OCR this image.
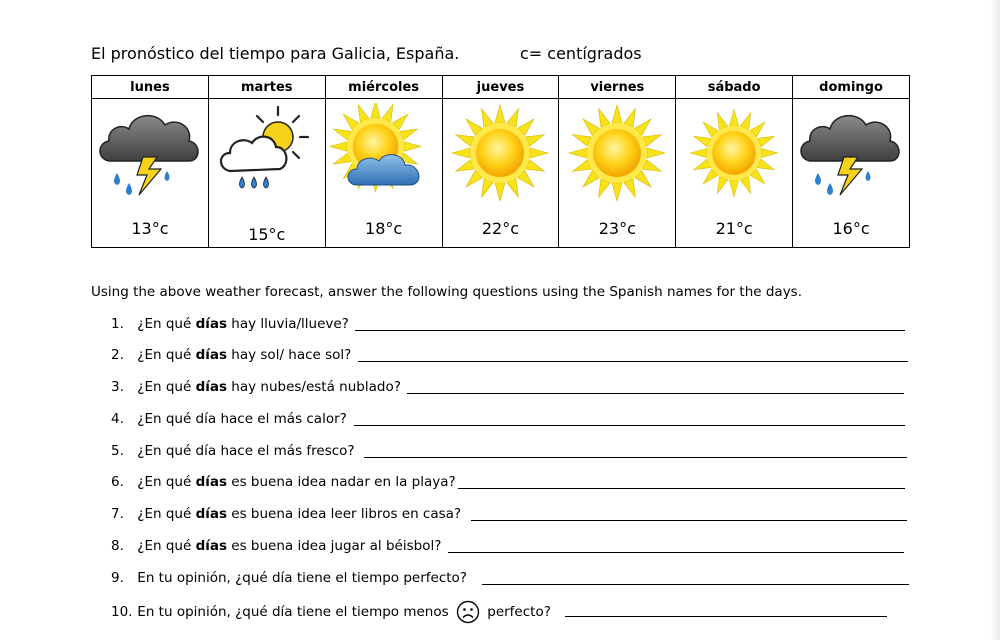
El pronóstico del tiempo para Galicia, España.	c= centígrados
lunes	martes	miércoles	jueves	viernes	sábado	domingo

13°c	15°c	18°c	22°c	23°c	21°c	16°c
Using the above weather forecast, answer the following questions using the Spanish names for the days.
1. ¿En qué días hay lluvia/llueve?
2. ¿En qué días hay sol/ hace sol?
3. ¿En qué días hay nubes/está nublado?
4. ¿En qué día hace el más calor?
5. ¿En qué día hace el más fresco?
6. ¿En qué días es buena idea nadar en la playa?
7. ¿En qué días es buena idea leer libros en casa?
8. ¿En qué días es buena idea jugar al béisbol?
9. En tu opinión, ¿qué día tiene el tiempo perfecto?
10. En tu opinión, ¿qué día tiene el tiempo menos	perfecto?
